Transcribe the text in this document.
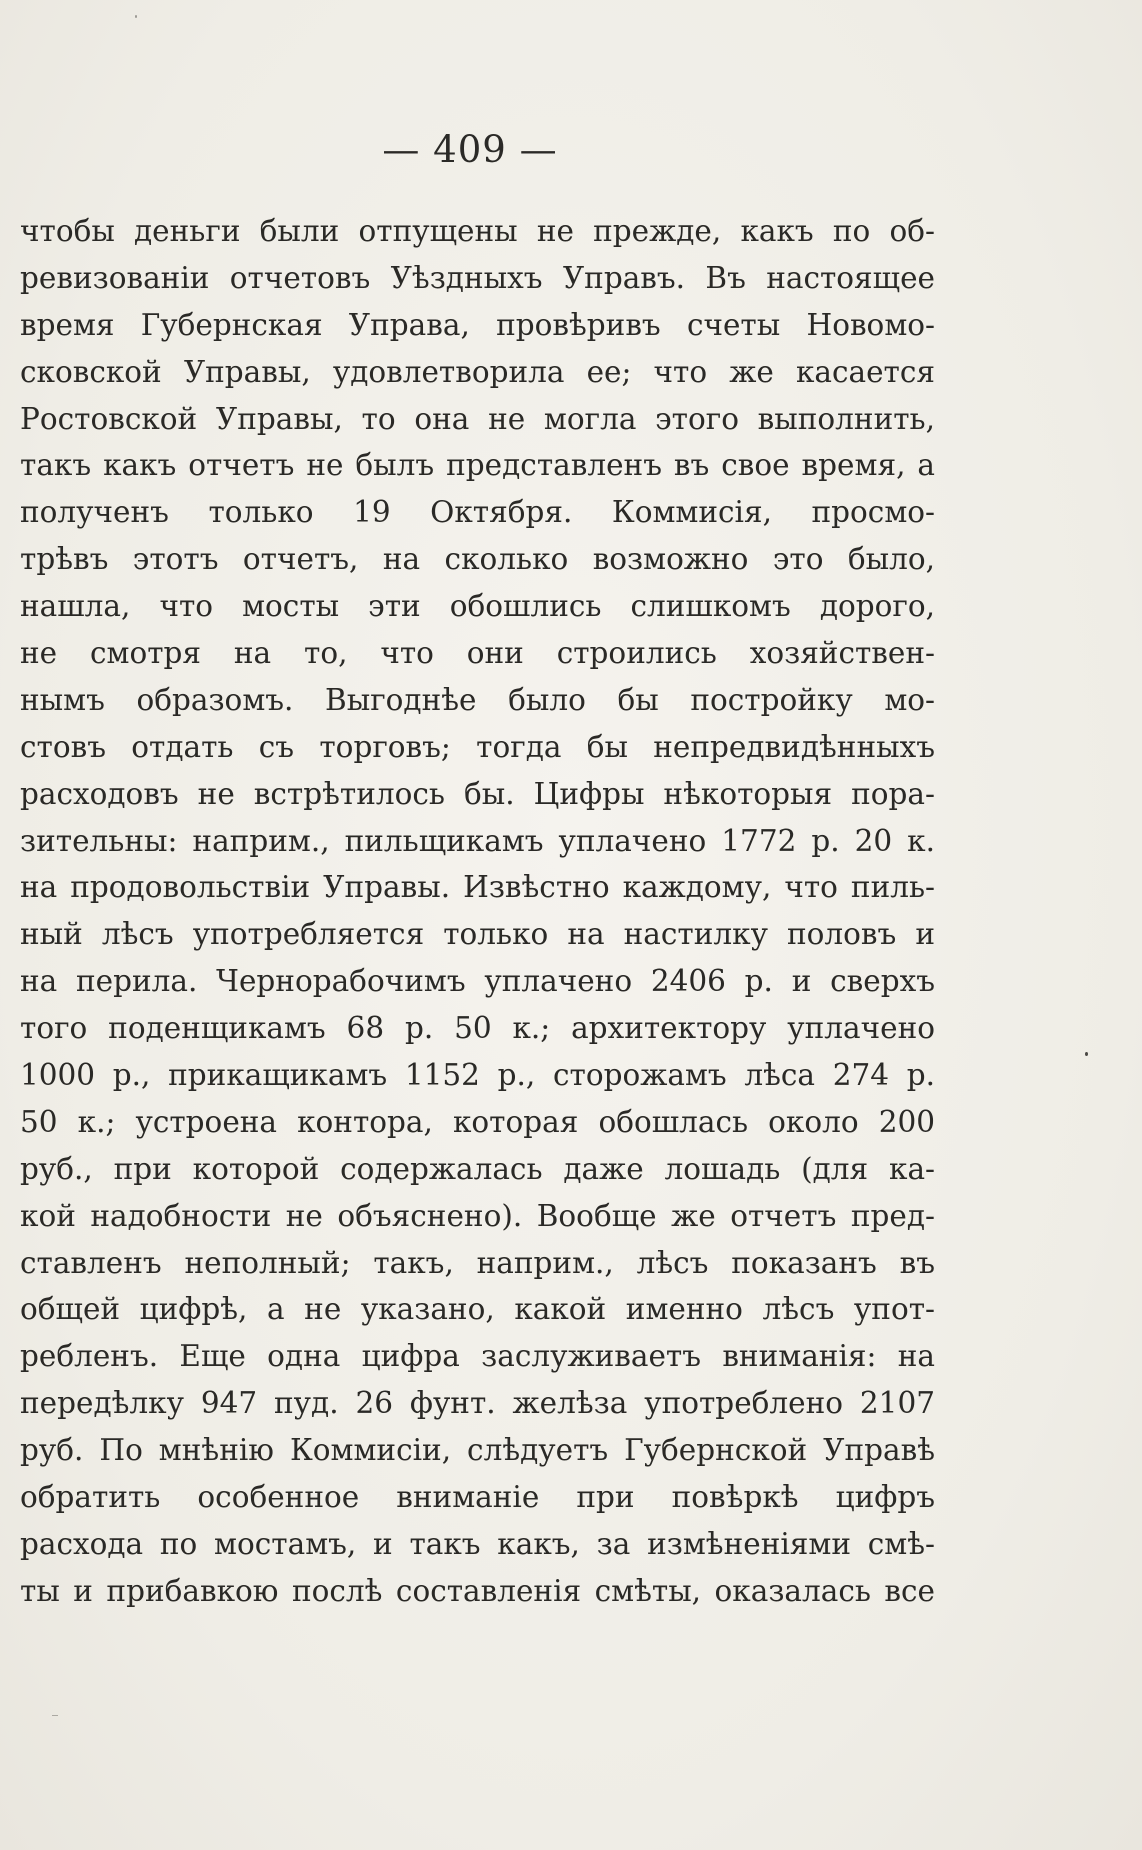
— 409 —
чтобы деньги были отпущены не прежде, какъ по об-
ревизованіи отчетовъ Уѣздныхъ Управъ. Въ настоящее
время Губернская Управа, провѣривъ счеты Новомо-
сковской Управы, удовлетворила ее; что же касается
Ростовской Управы, то она не могла этого выполнить,
такъ какъ отчетъ не былъ представленъ въ свое время, а
полученъ только 19 Октября. Коммисія, просмо-
трѣвъ этотъ отчетъ, на сколько возможно это было,
нашла, что мосты эти обошлись слишкомъ дорого,
не смотря на то, что они строились хозяйствен-
нымъ образомъ. Выгоднѣе было бы постройку мо-
стовъ отдать съ торговъ; тогда бы непредвидѣнныхъ
расходовъ не встрѣтилось бы. Цифры нѣкоторыя пора-
зительны: наприм., пильщикамъ уплачено 1772 р. 20 к.
на продовольствіи Управы. Извѣстно каждому, что пиль-
ный лѣсъ употребляется только на настилку половъ и
на перила. Чернорабочимъ уплачено 2406 р. и сверхъ
того поденщикамъ 68 р. 50 к.; архитектору уплачено
1000 р., прикащикамъ 1152 р., сторожамъ лѣса 274 р.
50 к.; устроена контора, которая обошлась около 200
руб., при которой содержалась даже лошадь (для ка-
кой надобности не объяснено). Вообще же отчетъ пред-
ставленъ неполный; такъ, наприм., лѣсъ показанъ въ
общей цифрѣ, а не указано, какой именно лѣсъ упот-
ребленъ. Еще одна цифра заслуживаетъ вниманія: на
передѣлку 947 пуд. 26 фунт. желѣза употреблено 2107
руб. По мнѣнію Коммисіи, слѣдуетъ Губернской Управѣ
обратить особенное вниманіе при повѣркѣ цифръ
расхода по мостамъ, и такъ какъ, за измѣненіями смѣ-
ты и прибавкою послѣ составленія смѣты, оказалась все
